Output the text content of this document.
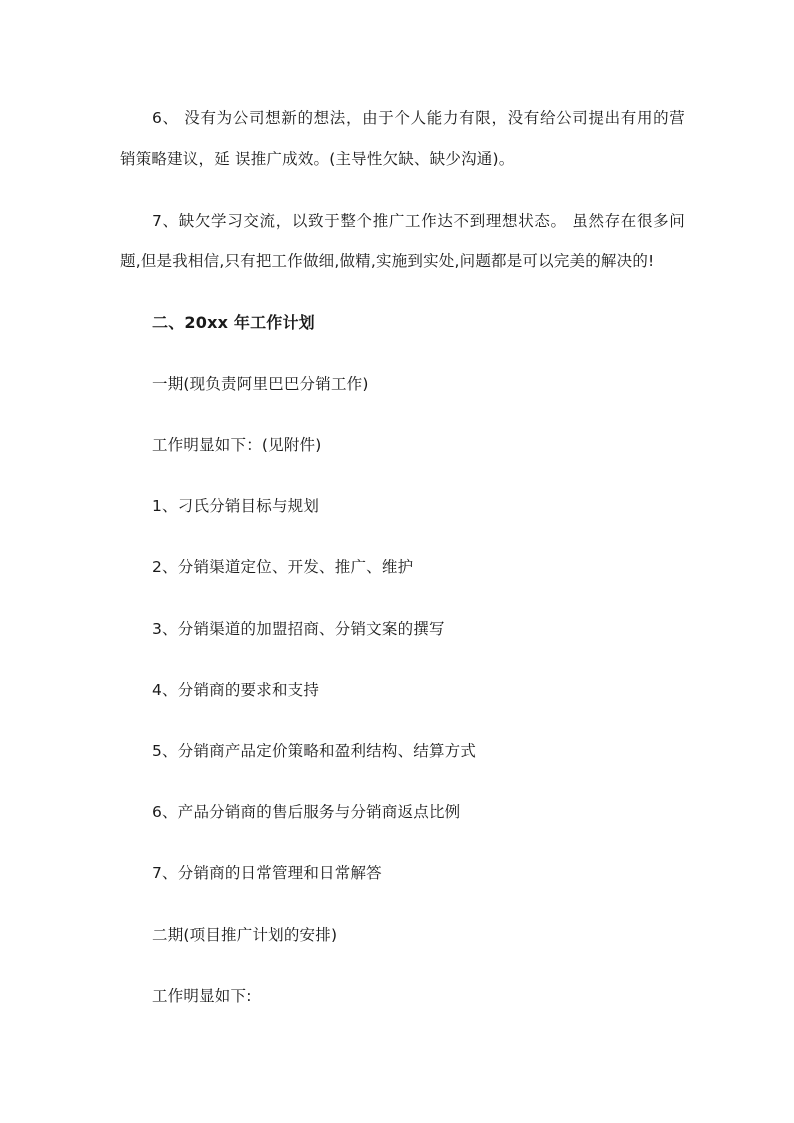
6、 没有为公司想新的想法，由于个人能力有限，没有给公司提出有用的营
销策略建议，延 误推广成效。(主导性欠缺、缺少沟通)。
7、缺欠学习交流，以致于整个推广工作达不到理想状态。 虽然存在很多问
题,但是我相信,只有把工作做细,做精,实施到实处,问题都是可以完美的解决的!
二、20xx 年工作计划
一期(现负责阿里巴巴分销工作)
工作明显如下：(见附件)
1、刁氏分销目标与规划
2、分销渠道定位、开发、推广、维护
3、分销渠道的加盟招商、分销文案的撰写
4、分销商的要求和支持
5、分销商产品定价策略和盈利结构、结算方式
6、产品分销商的售后服务与分销商返点比例
7、分销商的日常管理和日常解答
二期(项目推广计划的安排)
工作明显如下:
